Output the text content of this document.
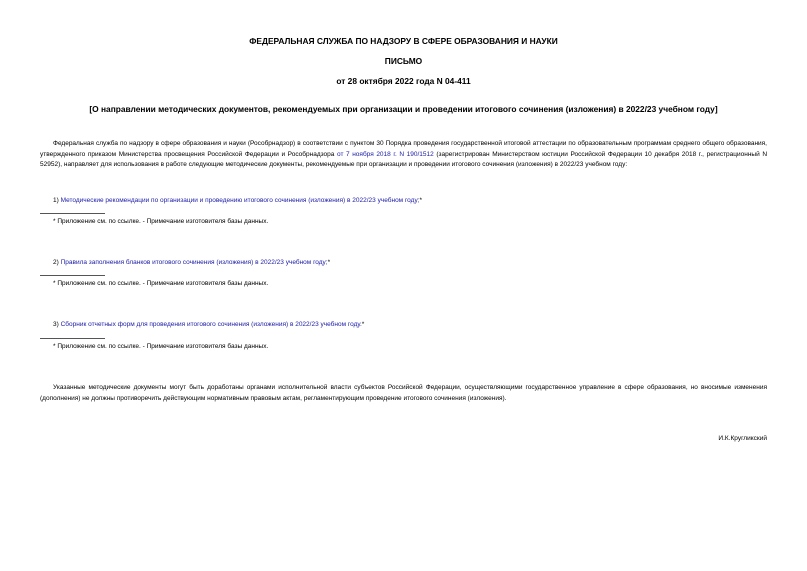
ФЕДЕРАЛЬНАЯ СЛУЖБА ПО НАДЗОРУ В СФЕРЕ ОБРАЗОВАНИЯ И НАУКИ
ПИСЬМО
от 28 октября 2022 года N 04-411
[О направлении методических документов, рекомендуемых при организации и проведении итогового сочинения (изложения) в 2022/23 учебном году]
Федеральная служба по надзору в сфере образования и науки (Рособрнадзор) в соответствии с пунктом 30 Порядка проведения государственной итоговой аттестации по образовательным программам среднего общего образования, утвержденного приказом Министерства просвещения Российской Федерации и Рособрнадзора от 7 ноября 2018 г. N 190/1512 (зарегистрирован Министерством юстиции Российской Федерации 10 декабря 2018 г., регистрационный N 52952), направляет для использования в работе следующие методические документы, рекомендуемые при организации и проведении итогового сочинения (изложения) в 2022/23 учебном году:
1) Методические рекомендации по организации и проведению итогового сочинения (изложения) в 2022/23 учебном году;*
* Приложение см. по ссылке. - Примечание изготовителя базы данных.
2) Правила заполнения бланков итогового сочинения (изложения) в 2022/23 учебном году;*
* Приложение см. по ссылке. - Примечание изготовителя базы данных.
3) Сборник отчетных форм для проведения итогового сочинения (изложения) в 2022/23 учебном году.*
* Приложение см. по ссылке. - Примечание изготовителя базы данных.
Указанные методические документы могут быть доработаны органами исполнительной власти субъектов Российской Федерации, осуществляющими государственное управление в сфере образования, но вносимые изменения (дополнения) не должны противоречить действующим нормативным правовым актам, регламентирующим проведение итогового сочинения (изложения).
И.К.Кругликский
